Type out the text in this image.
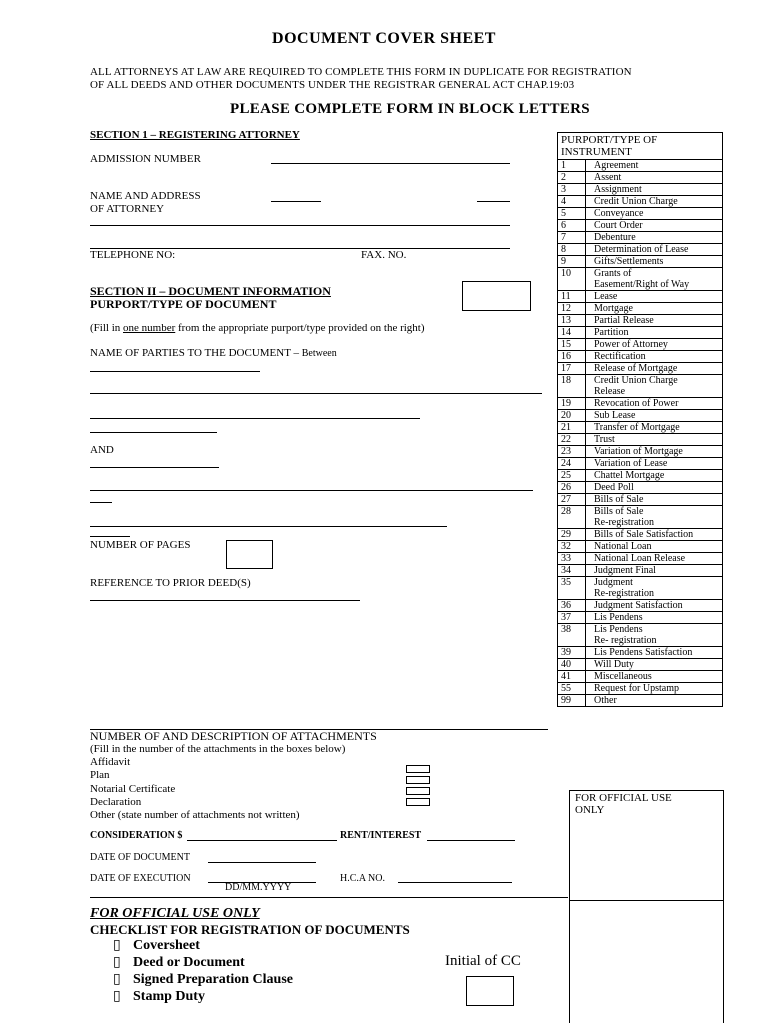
DOCUMENT COVER SHEET
ALL ATTORNEYS AT LAW ARE REQUIRED TO COMPLETE THIS FORM IN DUPLICATE FOR REGISTRATION
OF ALL DEEDS AND OTHER DOCUMENTS UNDER THE REGISTRAR GENERAL ACT CHAP.19:03
PLEASE COMPLETE FORM IN BLOCK LETTERS
SECTION 1 – REGISTERING ATTORNEY
ADMISSION NUMBER
NAME AND ADDRESS
OF ATTORNEY
TELEPHONE NO:	FAX. NO.
SECTION II – DOCUMENT INFORMATION
PURPORT/TYPE OF DOCUMENT
(Fill in one number from the appropriate purport/type provided on the right)
NAME OF PARTIES TO THE DOCUMENT – Between
AND
NUMBER OF PAGES
REFERENCE TO PRIOR DEED(S)
PURPORT/TYPE OF
INSTRUMENT	

1	Agreement

2	Assent

3	Assignment

4	Credit Union Charge

5	Conveyance

6	Court Order

7	Debenture

8	Determination of Lease

9	Gifts/Settlements

10	Grants of
Easement/Right of Way

11	Lease

12	Mortgage

13	Partial Release

14	Partition

15	Power of Attorney

16	Rectification

17	Release of Mortgage

18	Credit Union Charge
Release

19	Revocation of Power

20	Sub Lease

21	Transfer of Mortgage

22	Trust

23	Variation of Mortgage

24	Variation of Lease

25	Chattel Mortgage

26	Deed Poll

27	Bills of Sale

28	Bills of Sale
Re-registration

29	Bills of Sale Satisfaction

32	National Loan

33	National Loan Release

34	Judgment Final

35	Judgment
Re-registration

36	Judgment Satisfaction

37	Lis Pendens

38	Lis Pendens
Re- registration

39	Lis Pendens Satisfaction

40	Will Duty

41	Miscellaneous

55	Request for Upstamp

99	Other
NUMBER OF AND DESCRIPTION OF ATTACHMENTS
(Fill in the number of the attachments in the boxes below)
Affidavit
Plan
Notarial Certificate
Declaration
Other (state number of attachments not written)
FOR OFFICIAL USE
ONLY
CONSIDERATION $	RENT/INTEREST
DATE OF DOCUMENT
DATE OF EXECUTION
DD/MM.YYYY
H.C.A NO.
FOR OFFICIAL USE ONLY
CHECKLIST FOR REGISTRATION OF DOCUMENTS
▯ Coversheet
▯ Deed or Document
▯ Signed Preparation Clause
▯ Stamp Duty
Initial of CC
